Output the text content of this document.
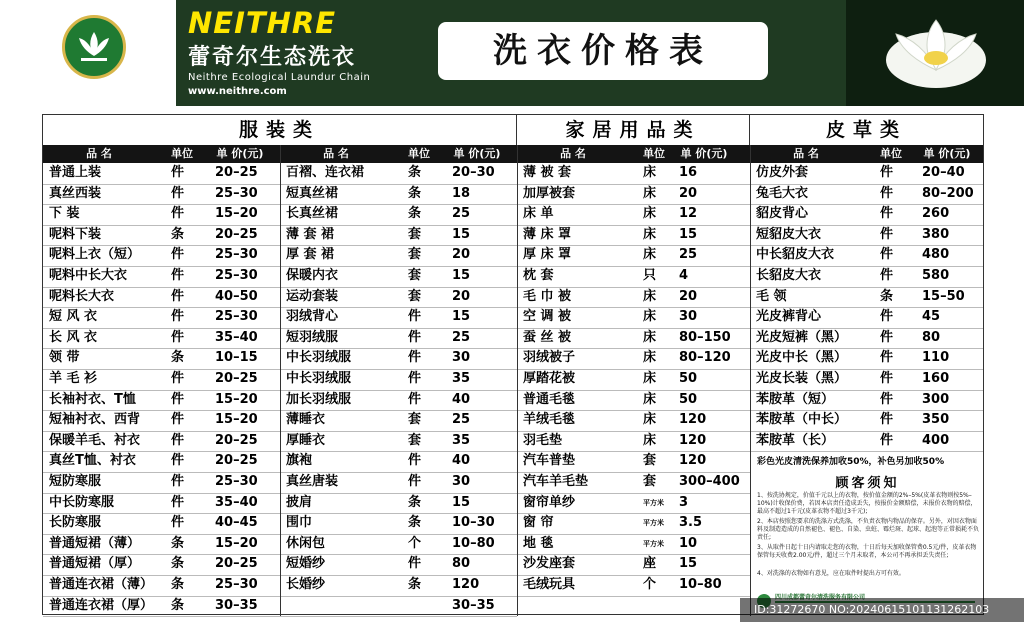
NEITHRE
蕾奇尔生态洗衣
Neithre Ecological Laundur Chain
www.neithre.com
洗衣价格表
服装类	家居用品类	皮草类
品 名	单位	单 价(元)	品 名	单位	单 价(元)	品 名	单位	单 价(元)	品 名	单位	单 价(元)
普通上装	件 20–25
真丝西装	件 25–30
下 装	件 15–20
呢料下装	条 20–25
呢料上衣（短） 件 25–30
呢料中长大衣	件 25–30
呢料长大衣	件 40–50
短 风 衣	件 25–30
长 风 衣	件 35–40
领 带	条 10–15
羊 毛 衫	件 20–25
长袖衬衣、T恤	件 15–20
短袖衬衣、西背 件 15–20
保暖羊毛、衬衣 件 20–25
真丝T恤、衬衣	件 20–25
短防寒服	件 25–30
中长防寒服	件 35–40
长防寒服	件 40–45
普通短裙（薄） 条 15–20
普通短裙（厚） 条 20–25
普通连衣裙（薄） 条 25–30
普通连衣裙（厚） 条 30–35
百褶、连衣裙	条 20–30
短真丝裙	条 18
长真丝裙	条 25
薄 套 裙	套 15
厚 套 裙	套 20
保暖内衣	套 15
运动套装	套 20
羽绒背心	件 15
短羽绒服	件 25
中长羽绒服	件 30
中长羽绒服	件 35
加长羽绒服	件 40
薄睡衣	套 25
厚睡衣	套 35
旗袍	件 40
真丝唐装	件 30
披肩	条 15
围巾	条 10–30
休闲包	个 10–80
短婚纱	件 80
长婚纱	条 120
30–35
薄 被 套	床 16
加厚被套	床 20
床 单	床 12
薄 床 罩	床 15
厚 床 罩	床 25
枕 套	只 4
毛 巾 被	床 20
空 调 被	床 30
蚕 丝 被	床 80–150
羽绒被子	床 80–120
厚踏花被	床 50
普通毛毯	床 50
羊绒毛毯	床 120
羽毛垫	床 120
汽车普垫	套 120
汽车羊毛垫	套 300–400
窗帘单纱	平方米 3
窗 帘	平方米 3.5
地 毯	平方米 10
沙发座套	座 15
毛绒玩具	个 10–80
仿皮外套	件 20–40
兔毛大衣	件 80–200
貂皮背心	件 260
短貂皮大衣	件 380
中长貂皮大衣	件 480
长貂皮大衣	件 580
毛 领	条 15–50
光皮裤背心	件 45
光皮短裤（黑）	件 80
光皮中长（黑）	件 110
光皮长装（黑）	件 160
苯胺革（短）	件 300
苯胺革（中长）	件 350
苯胺革（长）	件 400
彩色光皮清洗保养加收50%，补色另加收50%
顾客须知
1、按洗协规定，价值千元以上的衣物，按价值金额的2%–5%(皮革衣物则按5%–10%)计收保价费，若因本店责任造成丢失，按报价金额赔偿，未报价衣物的赔偿，最高不超过1千元(皮革衣物不超过3千元);
2、本店按照您要求的洗涤方式洗涤，不负责衣物内物品的保存。另外，对因衣物面料及制造造成的自然褪色、褪色、自染、虫蛀、霉烂斑、起球、起泡等正常损耗不负责任;
3、从取件日起十日内请取走您的衣物，十日后每天加收保管费0.5元/件，皮革衣物保管每天收费2.00元/件，超过三个月未取者，本公司不再承担丢失责任;
4、对洗涤的衣物如有意见，应在取件时提出方可有效。
ID:31272670 NO:20240615101131262103
